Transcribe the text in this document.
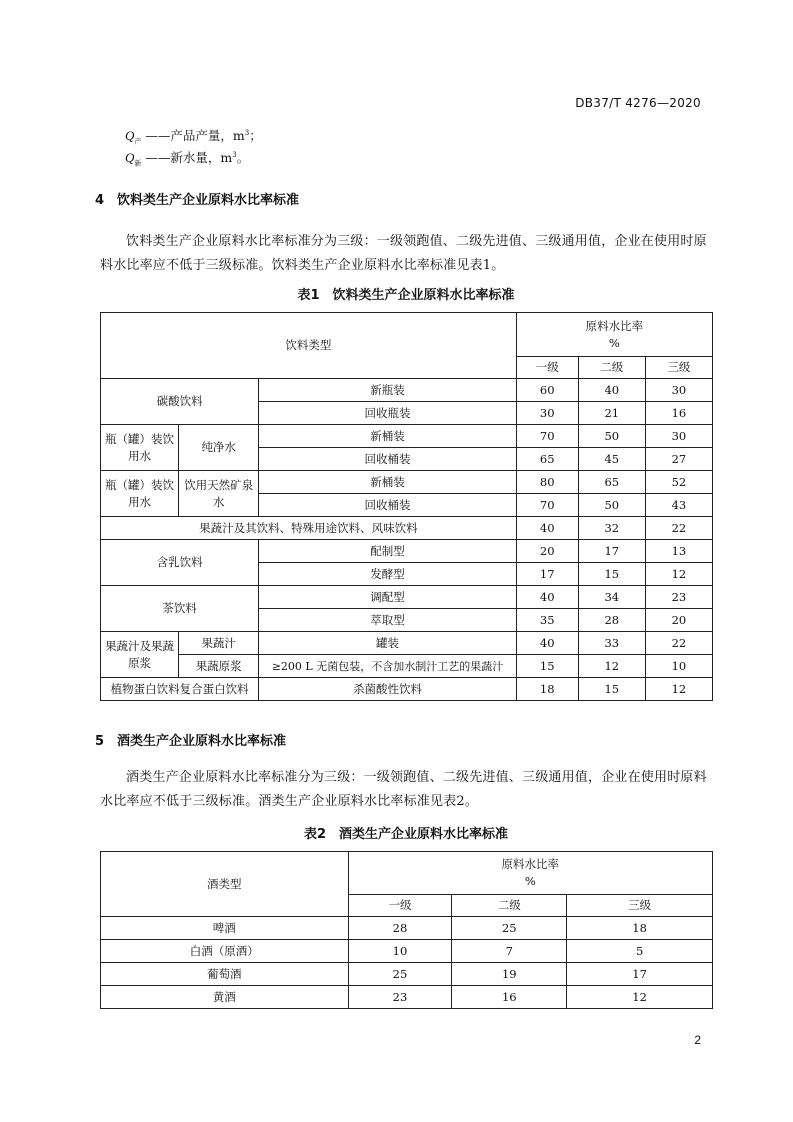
DB37/T 4276—2020
$Q_产$ ——产品产量，$m^3$；
$Q_新$ ——新水量，$m^3$。
4　饮料类生产企业原料水比率标准
饮料类生产企业原料水比率标准分为三级：一级领跑值、二级先进值、三级通用值，企业在使用时原料水比率应不低于三级标准。饮料类生产企业原料水比率标准见表1。
表1　饮料类生产企业原料水比率标准
饮料类型			原料水比率
%		
			一级	二级	三级
碳酸饮料		新瓶装	60	40	30
		回收瓶装	30	21	16
瓶（罐）装饮用水	纯净水	新桶装	70	50	30
		回收桶装	65	45	27
瓶（罐）装饮用水	饮用天然矿泉水	新桶装	80	65	52
		回收桶装	70	50	43
果蔬汁及其饮料、特殊用途饮料、风味饮料			40	32	22
含乳饮料		配制型	20	17	13
		发酵型	17	15	12
茶饮料		调配型	40	34	23
		萃取型	35	28	20
果蔬汁及果蔬原浆	果蔬汁	罐装	40	33	22
	果蔬原浆	≥200 L 无菌包装，不含加水制汁工艺的果蔬汁	15	12	10
植物蛋白饮料复合蛋白饮料		杀菌酸性饮料	18	15	12
5　酒类生产企业原料水比率标准
酒类生产企业原料水比率标准分为三级：一级领跑值、二级先进值、三级通用值，企业在使用时原料水比率应不低于三级标准。酒类生产企业原料水比率标准见表2。
表2　酒类生产企业原料水比率标准
酒类型	原料水比率
%		
	一级	二级	三级
啤酒	28	25	18
白酒（原酒）	10	7	5
葡萄酒	25	19	17
黄酒	23	16	12
2
